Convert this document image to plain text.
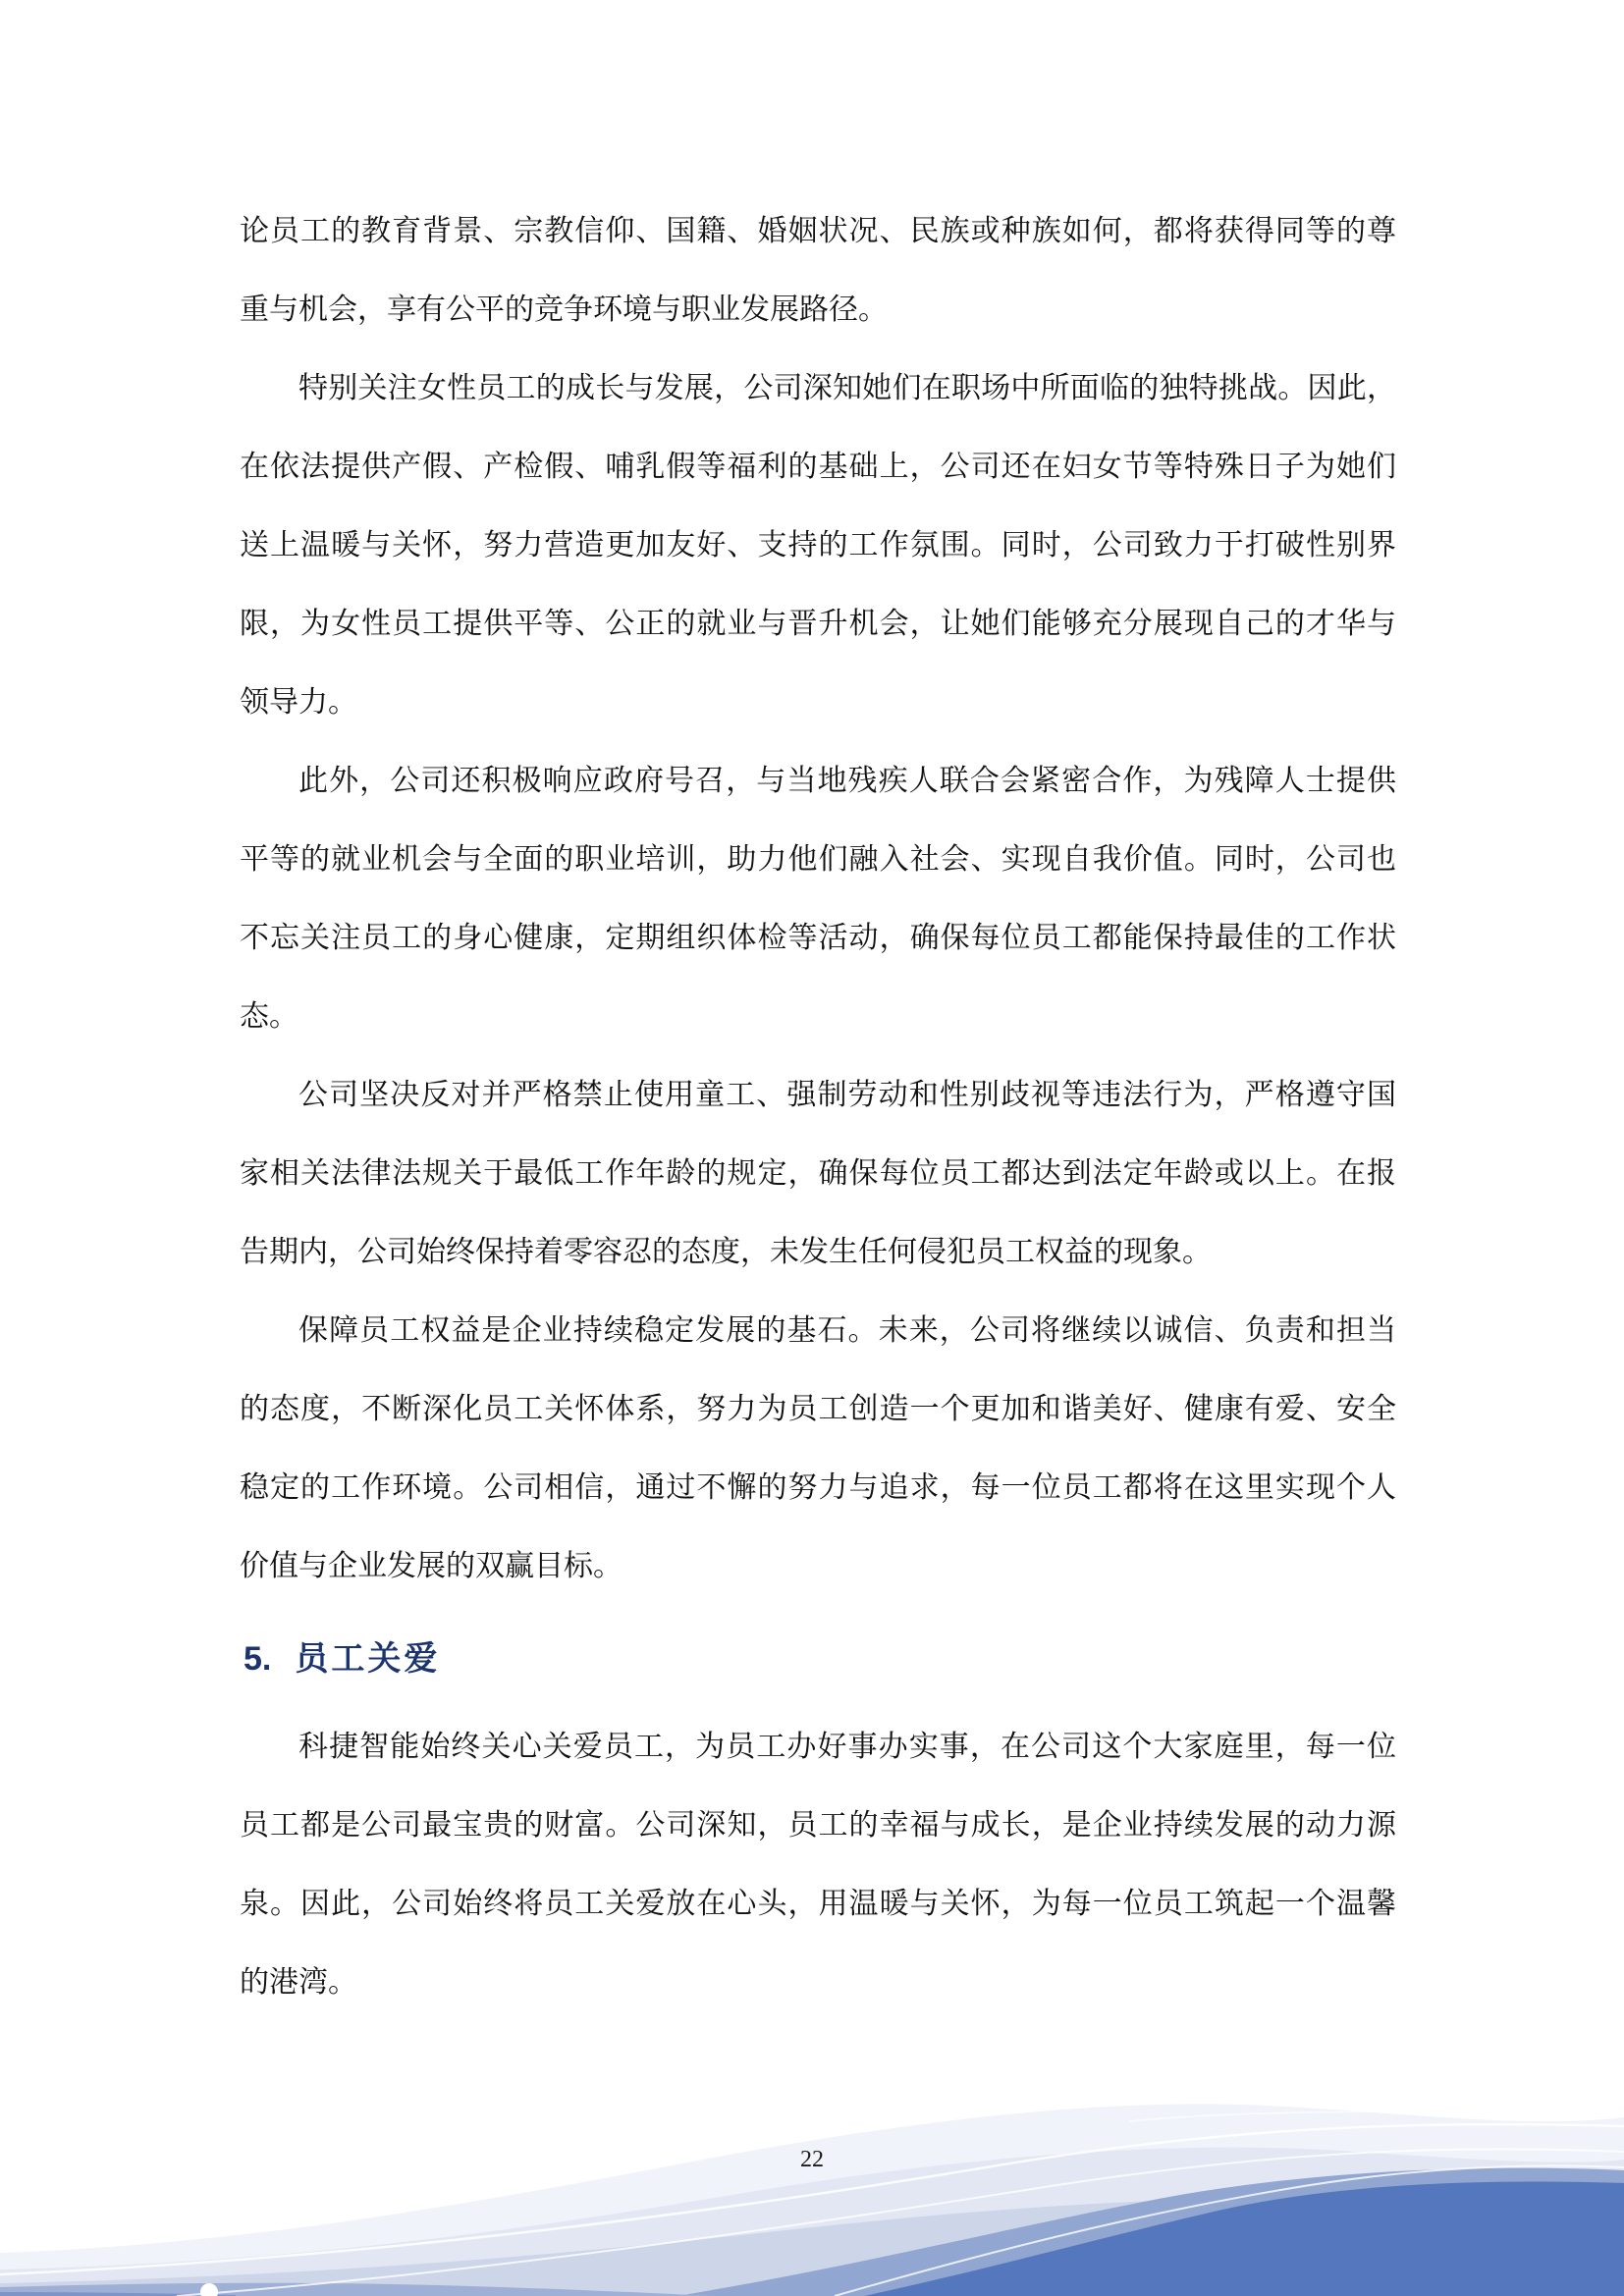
论员工的教育背景、宗教信仰、国籍、婚姻状况、民族或种族如何，都将获得同等的尊
重与机会，享有公平的竞争环境与职业发展路径。
特别关注女性员工的成长与发展，公司深知她们在职场中所面临的独特挑战。因此，
在依法提供产假、产检假、哺乳假等福利的基础上，公司还在妇女节等特殊日子为她们
送上温暖与关怀，努力营造更加友好、支持的工作氛围。同时，公司致力于打破性别界
限，为女性员工提供平等、公正的就业与晋升机会，让她们能够充分展现自己的才华与
领导力。
此外，公司还积极响应政府号召，与当地残疾人联合会紧密合作，为残障人士提供
平等的就业机会与全面的职业培训，助力他们融入社会、实现自我价值。同时，公司也
不忘关注员工的身心健康，定期组织体检等活动，确保每位员工都能保持最佳的工作状
态。
公司坚决反对并严格禁止使用童工、强制劳动和性别歧视等违法行为，严格遵守国
家相关法律法规关于最低工作年龄的规定，确保每位员工都达到法定年龄或以上。在报
告期内，公司始终保持着零容忍的态度，未发生任何侵犯员工权益的现象。
保障员工权益是企业持续稳定发展的基石。未来，公司将继续以诚信、负责和担当
的态度，不断深化员工关怀体系，努力为员工创造一个更加和谐美好、健康有爱、安全
稳定的工作环境。公司相信，通过不懈的努力与追求，每一位员工都将在这里实现个人
价值与企业发展的双赢目标。
5. 员工关爱
科捷智能始终关心关爱员工，为员工办好事办实事，在公司这个大家庭里，每一位
员工都是公司最宝贵的财富。公司深知，员工的幸福与成长，是企业持续发展的动力源
泉。因此，公司始终将员工关爱放在心头，用温暖与关怀，为每一位员工筑起一个温馨
的港湾。
22
